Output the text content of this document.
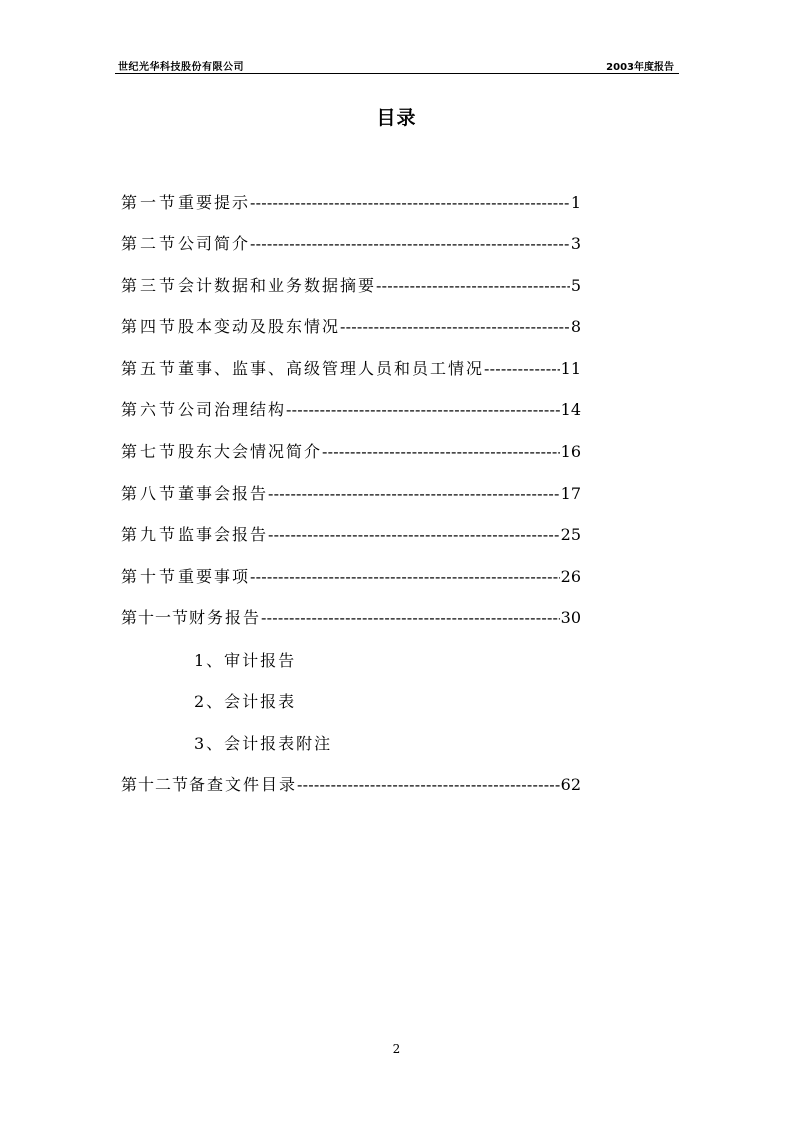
世纪光华科技股份有限公司	2003年度报告
目录
第一节 重要提示 -----	1
第二节 公司简介 -----	3
第三节 会计数据和业务数据摘要 -----	5
第四节 股本变动及股东情况 -----	8
第五节 董事、监事、高级管理人员和员工情况 -----	11
第六节 公司治理结构 -----	14
第七节 股东大会情况简介 -----	16
第八节 董事会报告 -----	17
第九节 监事会报告 -----	25
第十节 重要事项 -----	26
第十一节 财务报告 -----	30
1、审计报告
2、会计报表
3、会计报表附注
第十二节 备查文件目录 -----	62
2
